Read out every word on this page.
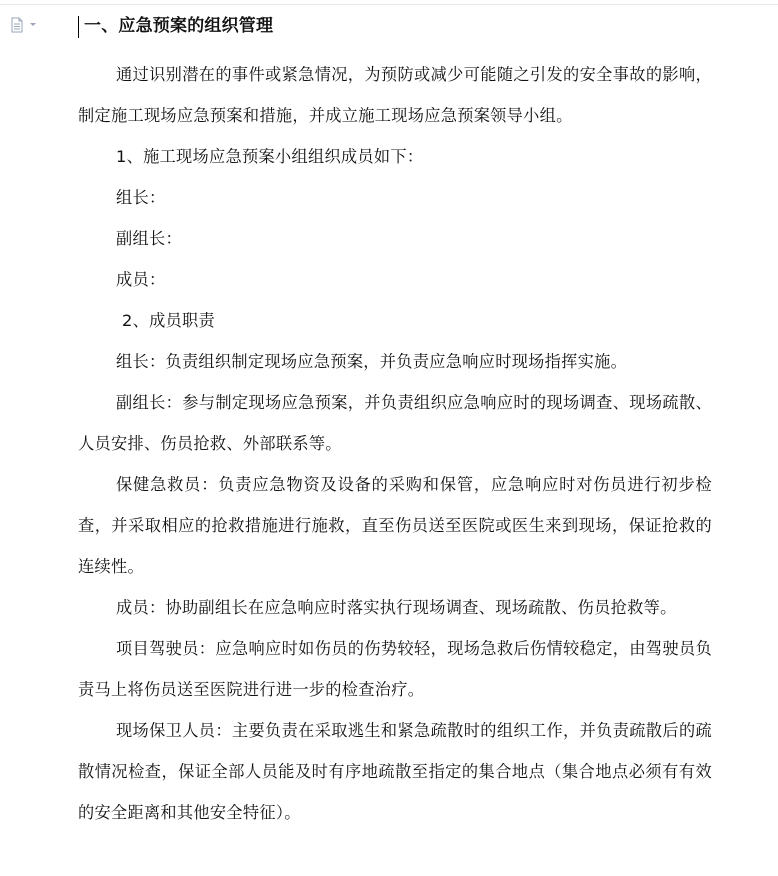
一、应急预案的组织管理

通过识别潜在的事件或紧急情况，为预防或减少可能随之引发的安全事故的影响，制定施工现场应急预案和措施，并成立施工现场应急预案领导小组。

1、施工现场应急预案小组组织成员如下：

组长：

副组长：

成员：

2、成员职责

组长：负责组织制定现场应急预案，并负责应急响应时现场指挥实施。

副组长：参与制定现场应急预案，并负责组织应急响应时的现场调查、现场疏散、人员安排、伤员抢救、外部联系等。

保健急救员：负责应急物资及设备的采购和保管，应急响应时对伤员进行初步检查，并采取相应的抢救措施进行施救，直至伤员送至医院或医生来到现场，保证抢救的连续性。

成员：协助副组长在应急响应时落实执行现场调查、现场疏散、伤员抢救等。

项目驾驶员：应急响应时如伤员的伤势较轻，现场急救后伤情较稳定，由驾驶员负责马上将伤员送至医院进行进一步的检查治疗。

现场保卫人员：主要负责在采取逃生和紧急疏散时的组织工作，并负责疏散后的疏散情况检查，保证全部人员能及时有序地疏散至指定的集合地点（集合地点必须有有效的安全距离和其他安全特征）。
